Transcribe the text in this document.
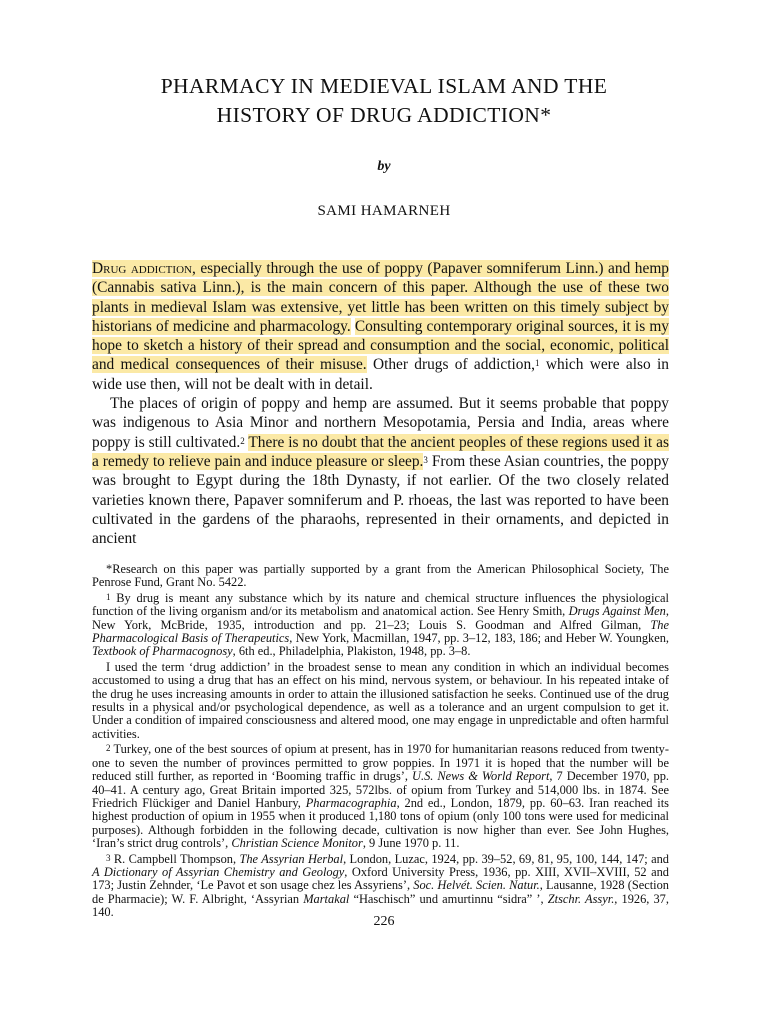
PHARMACY IN MEDIEVAL ISLAM AND THE
HISTORY OF DRUG ADDICTION*
by
SAMI HAMARNEH

Drug addiction, especially through the use of poppy (Papaver somniferum Linn.) and hemp (Cannabis sativa Linn.), is the main concern of this paper. Although the use of these two plants in medieval Islam was extensive, yet little has been written on this timely subject by historians of medicine and pharmacology. Consulting contemporary original sources, it is my hope to sketch a history of their spread and consumption and the social, economic, political and medical consequences of their misuse. Other drugs of addiction,$^1$ which were also in wide use then, will not be dealt with in detail.

The places of origin of poppy and hemp are assumed. But it seems probable that poppy was indigenous to Asia Minor and northern Mesopotamia, Persia and India, areas where poppy is still cultivated.$^2$ There is no doubt that the ancient peoples of these regions used it as a remedy to relieve pain and induce pleasure or sleep.$^3$ From these Asian countries, the poppy was brought to Egypt during the 18th Dynasty, if not earlier. Of the two closely related varieties known there, Papaver somniferum and P. rhoeas, the last was reported to have been cultivated in the gardens of the pharaohs, represented in their ornaments, and depicted in ancient

*Research on this paper was partially supported by a grant from the American Philosophical Society, The Penrose Fund, Grant No. 5422.

$^1$ By drug is meant any substance which by its nature and chemical structure influences the physiological function of the living organism and/or its metabolism and anatomical action. See Henry Smith, Drugs Against Men, New York, McBride, 1935, introduction and pp. 21–23; Louis S. Goodman and Alfred Gilman, The Pharmacological Basis of Therapeutics, New York, Macmillan, 1947, pp. 3–12, 183, 186; and Heber W. Youngken, Textbook of Pharmacognosy, 6th ed., Philadelphia, Plakiston, 1948, pp. 3–8.

I used the term ‘drug addiction’ in the broadest sense to mean any condition in which an individual becomes accustomed to using a drug that has an effect on his mind, nervous system, or behaviour. In his repeated intake of the drug he uses increasing amounts in order to attain the illusioned satisfaction he seeks. Continued use of the drug results in a physical and/or psychological dependence, as well as a tolerance and an urgent compulsion to get it. Under a condition of impaired consciousness and altered mood, one may engage in unpredictable and often harmful activities.

$^2$ Turkey, one of the best sources of opium at present, has in 1970 for humanitarian reasons reduced from twenty-one to seven the number of provinces permitted to grow poppies. In 1971 it is hoped that the number will be reduced still further, as reported in ‘Booming traffic in drugs’, U.S. News & World Report, 7 December 1970, pp. 40–41. A century ago, Great Britain imported 325, 572lbs. of opium from Turkey and 514,000 lbs. in 1874. See Friedrich Flückiger and Daniel Hanbury, Pharmacographia, 2nd ed., London, 1879, pp. 60–63. Iran reached its highest production of opium in 1955 when it produced 1,180 tons of opium (only 100 tons were used for medicinal purposes). Although forbidden in the following decade, cultivation is now higher than ever. See John Hughes, ‘Iran’s strict drug controls’, Christian Science Monitor, 9 June 1970 p. 11.

$^3$ R. Campbell Thompson, The Assyrian Herbal, London, Luzac, 1924, pp. 39–52, 69, 81, 95, 100, 144, 147; and A Dictionary of Assyrian Chemistry and Geology, Oxford University Press, 1936, pp. XIII, XVII–XVIII, 52 and 173; Justin Zehnder, ‘Le Pavot et son usage chez les Assyriens’, Soc. Helvét. Scien. Natur., Lausanne, 1928 (Section de Pharmacie); W. F. Albright, ‘Assyrian Martakal “Haschisch” und amurtinnu “sidra” ’, Ztschr. Assyr., 1926, 37, 140.

226
